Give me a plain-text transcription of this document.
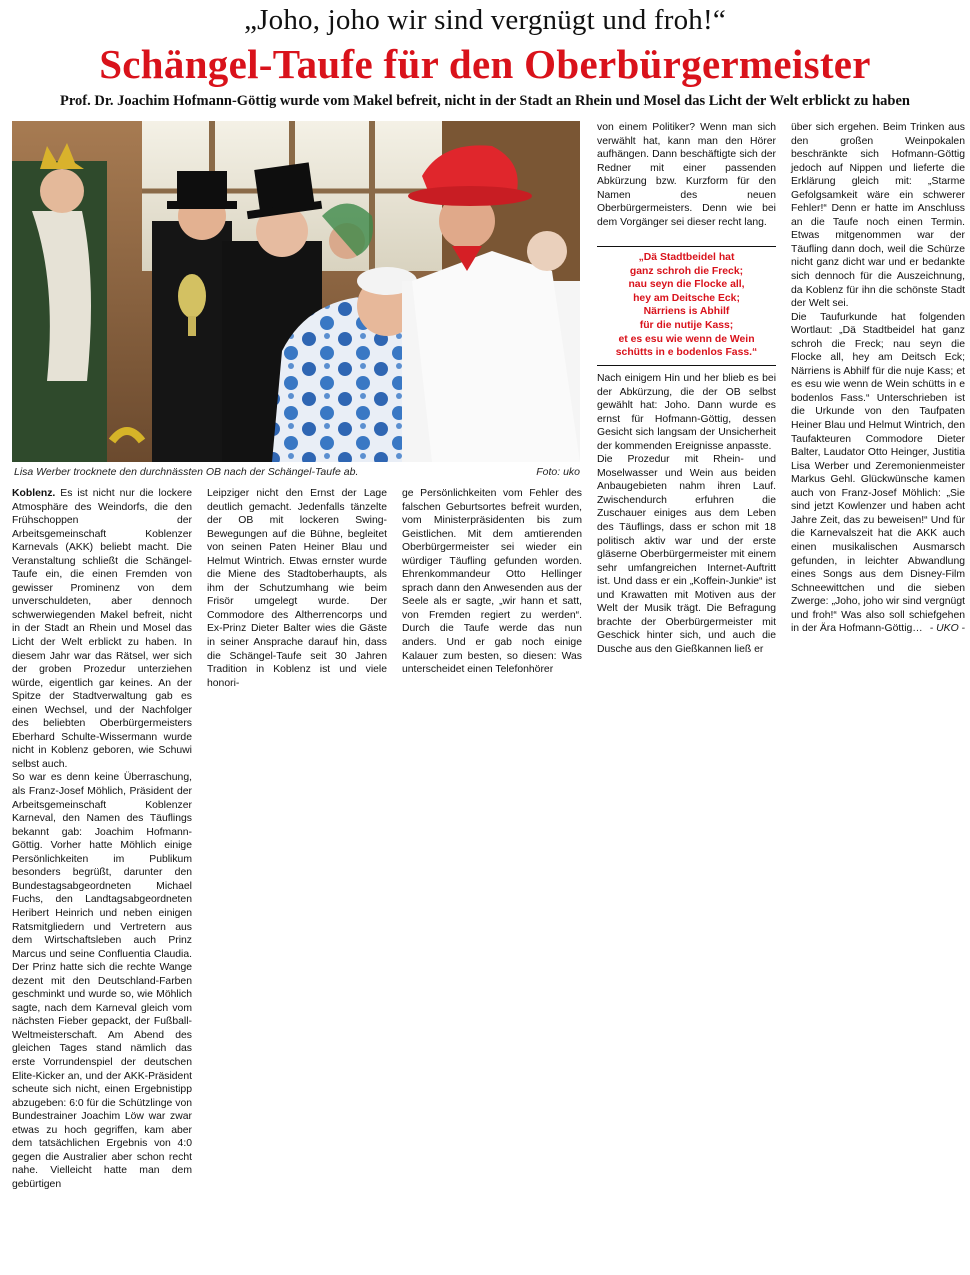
„Joho, joho wir sind vergnügt und froh!“
Schängel-Taufe für den Oberbürgermeister
Prof. Dr. Joachim Hofmann-Göttig wurde vom Makel befreit, nicht in der Stadt an Rhein und Mosel das Licht der Welt erblickt zu haben
Lisa Werber trocknete den durchnässten OB nach der Schängel-Taufe ab.	Foto: uko

Koblenz. Es ist nicht nur die lockere Atmosphäre des Weindorfs, die den Frühschoppen der Arbeitsgemeinschaft Koblenzer Karnevals (AKK) beliebt macht. Die Veranstaltung schließt die Schängel-Taufe ein, die einen Fremden von gewisser Prominenz von dem unverschuldeten, aber dennoch schwerwiegenden Makel befreit, nicht in der Stadt an Rhein und Mosel das Licht der Welt erblickt zu haben. In diesem Jahr war das Rätsel, wer sich der groben Prozedur unterziehen würde, eigentlich gar keines. An der Spitze der Stadtverwaltung gab es einen Wechsel, und der Nachfolger des beliebten Oberbürgermeisters Eberhard Schulte-Wissermann wurde nicht in Koblenz geboren, wie Schuwi selbst auch.

So war es denn keine Überraschung, als Franz-Josef Möhlich, Präsident der Arbeitsgemeinschaft Koblenzer Karneval, den Namen des Täuflings bekannt gab: Joachim Hofmann-Göttig. Vorher hatte Möhlich einige Persönlichkeiten im Publikum besonders begrüßt, darunter den Bundestagsabgeordneten Michael Fuchs, den Landtagsabgeordneten Heribert Heinrich und neben einigen Ratsmitgliedern und Vertretern aus dem Wirtschaftsleben auch Prinz Marcus und seine Confluentia Claudia. Der Prinz hatte sich die rechte Wange dezent mit den Deutschland-Farben geschminkt und wurde so, wie Möhlich sagte, nach dem Karneval gleich vom nächsten Fieber gepackt, der Fußball-Weltmeisterschaft. Am Abend des gleichen Tages stand nämlich das erste Vorrundenspiel der deutschen Elite-Kicker an, und der AKK-Präsident scheute sich nicht, einen Ergebnistipp abzugeben: 6:0 für die Schützlinge von Bundestrainer Joachim Löw war zwar etwas zu hoch gegriffen, kam aber dem tatsächlichen Ergebnis von 4:0 gegen die Australier aber schon recht nahe. Vielleicht hatte man dem gebürtigen

Leipziger nicht den Ernst der Lage deutlich gemacht. Jedenfalls tänzelte der OB mit lockeren Swing-Bewegungen auf die Bühne, begleitet von seinen Paten Heiner Blau und Helmut Wintrich. Etwas ernster wurde die Miene des Stadtoberhaupts, als ihm der Schutzumhang wie beim Frisör umgelegt wurde. Der Commodore des Altherrencorps und Ex-Prinz Dieter Balter wies die Gäste in seiner Ansprache darauf hin, dass die Schängel-Taufe seit 30 Jahren Tradition in Koblenz ist und viele honori-

ge Persönlichkeiten vom Fehler des falschen Geburtsortes befreit wurden, vom Ministerpräsidenten bis zum Geistlichen. Mit dem amtierenden Oberbürgermeister sei wieder ein würdiger Täufling gefunden worden. Ehrenkommandeur Otto Hellinger sprach dann den Anwesenden aus der Seele als er sagte, „wir hann et satt, von Fremden regiert zu werden“. Durch die Taufe werde das nun anders. Und er gab noch einige Kalauer zum besten, so diesen: Was unterscheidet einen Telefonhörer

von einem Politiker? Wenn man sich verwählt hat, kann man den Hörer aufhängen. Dann beschäftigte sich der Redner mit einer passenden Abkürzung bzw. Kurzform für den Namen des neuen Oberbürgermeisters. Denn wie bei dem Vorgänger sei dieser recht lang.

„Dä Stadtbeidel hat
ganz schroh die Freck;
nau seyn die Flocke all,
hey am Deitsche Eck;
Närriens is Abhilf
für die nutije Kass;
et es esu wie wenn de Wein
schütts in e bodenlos Fass.“

Nach einigem Hin und her blieb es bei der Abkürzung, die der OB selbst gewählt hat: Joho. Dann wurde es ernst für Hofmann-Göttig, dessen Gesicht sich langsam der Unsicherheit der kommenden Ereignisse anpasste.

Die Prozedur mit Rhein- und Moselwasser und Wein aus beiden Anbaugebieten nahm ihren Lauf. Zwischendurch erfuhren die Zuschauer einiges aus dem Leben des Täuflings, dass er schon mit 18 politisch aktiv war und der erste gläserne Oberbürgermeister mit einem sehr umfangreichen Internet-Auftritt ist. Und dass er ein „Koffein-Junkie“ ist und Krawatten mit Motiven aus der Welt der Musik trägt. Die Befragung brachte der Oberbürgermeister mit Geschick hinter sich, und auch die Dusche aus den Gießkannen ließ er

über sich ergehen. Beim Trinken aus den großen Weinpokalen beschränkte sich Hofmann-Göttig jedoch auf Nippen und lieferte die Erklärung gleich mit: „Starme Gefolgsamkeit wäre ein schwerer Fehler!“ Denn er hatte im Anschluss an die Taufe noch einen Termin. Etwas mitgenommen war der Täufling dann doch, weil die Schürze nicht ganz dicht war und er bedankte sich dennoch für die Auszeichnung, da Koblenz für ihn die schönste Stadt der Welt sei.

Die Taufurkunde hat folgenden Wortlaut: „Dä Stadtbeidel hat ganz schroh die Freck; nau seyn die Flocke all, hey am Deitsch Eck; Närriens is Abhilf für die nuje Kass; et es esu wie wenn de Wein schütts in e bodenlos Fass.“ Unterschrieben ist die Urkunde von den Taufpaten Heiner Blau und Helmut Wintrich, den Taufakteuren Commodore Dieter Balter, Laudator Otto Heinger, Justitia Lisa Werber und Zeremonienmeister Markus Gehl. Glückwünsche kamen auch von Franz-Josef Möhlich: „Sie sind jetzt Kowlenzer und haben acht Jahre Zeit, das zu beweisen!“ Und für die Karnevalszeit hat die AKK auch einen musikalischen Ausmarsch gefunden, in leichter Abwandlung eines Songs aus dem Disney-Film Schneewittchen und die sieben Zwerge: „Joho, joho wir sind vergnügt und froh!“ Was also soll schiefgehen in der Ära Hofmann-Göttig… - UKO -
